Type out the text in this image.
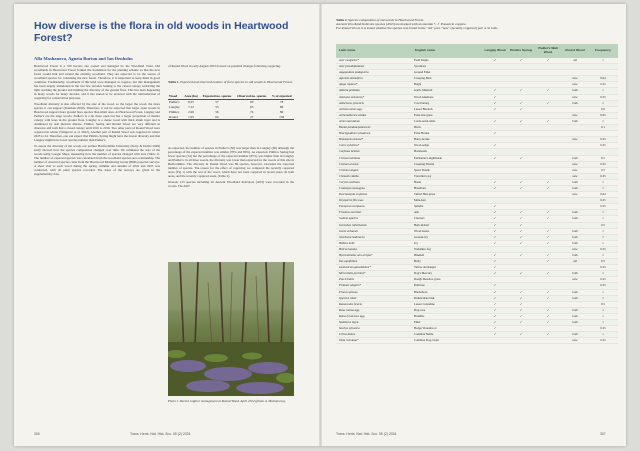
How diverse is the flora in old woods in Heartwood Forest?
Alla Mashanova, Agneta Burton and Ian Denholm

Heartwood Forest is a 350 hectare site owned and managed by the Woodland Trust. Old woodlands in Heartwood Forest formed the foundation for the planting scheme so that the new forest would link and extend the existing woodland. They are expected to be the source of woodland species for colonizing the new forest. Therefore, it is important to keep them in good condition. Traditionally, woodlands of this kind were managed as coppice, but this management has been largely abandoned in the last few decades leading to the closed canopy restricting the light reaching the ground and limiting the diversity of the ground flora. This has been happening in many woods for many decades, and it has started to be reversed with the reintroduction of coppicing for conservation purposes.

Woodland diversity is also affected by the size of the wood, so the larger the wood, the more species it can support (Peterken 2000). Therefore, it can be expected that larger open woods in Heartwood support more ground flora species than small ones. At Heartwood Forest, Langley and Pudler's are the large woods. Pudler's is a bit more open but has a larger proportion of mature canopy with trees in the ground flora. Langley is a dense wood with thick shrub layer and is dominated by Ash dieback disease. Pimlico Spring and Round Wood are very different in character and both had a closed canopy until 2010 to 2016. Two other parts of Round Wood were coppiced in winter (Wingrove et al. 2022). Another part of Round Wood was coppiced in winter 2023 to 24. Therefore, one can expect that Pimlico Spring might have the lowest diversity and that Langley might have lower species number than Pudler's.

To assess the diversity of the woods our partner Hertfordshire University (Terry & Dobbs 2009) study showed how the species composition changed over time. We estimated the area of the woods using Google Maps, measuring how the number of species changed with area (Table 1). The number of expected species was calculated from the woodland species-area relationship. The number of observed species came from the Heartwood Monitoring Group (HMG) species surveys. A short visit to each wood during the spring, summer and autumn of 2022 and 2023 was conducted, with all plant species recorded. The dates of the surveys are given in the supplementary data.

of Round Wood in early August 2023 focused on potential changes following coppicing.

Table 1. Expected and observed number of flora species in old woods in Heartwood Forest.
Wood	Area (ha)	Expected no. species	Observed no. species	% of expected
Pudler's	8.25	57	60	78
Langley	7.12	53	63	86
Pimlico	2.96	56	74	80
Round	1.95	64	27	136

As expected, the number of species in Pudler's (56) was larger than in Langley (60) although the percentage of the expected number was similar (78% and 86%). As expected, Pimlico Spring had fewer species (54) but the percentage of the expected number (85%) was higher than in Langley and Pudler's. In all three woods, the diversity was lower than expected for the woods of this size in Bedfordshire. The diversity in Round Wood was 89 species, however, exceeded the expected number of species. The reason for the effect of coppicing we compared the recently coppiced areas (Fig 1) with the rest of the wood, which have not been coppiced in recent years. In both areas, and the recently coppiced areas, (Table 2).

Overall, 125 species including 26 Ancient Woodland Indicators (AWI) were recorded in the woods. The AWI

Photo 1. Recent coppice management at Round Wood. April 2024 (photo A. Mashanova).
306	Trans. Herts. Nat. Hist. Soc. 55 (2) 2024
Table 2. Species composition of old woods in Heartwood Forest.
Ancient Woodland Indicator species (AWI) are marked with an asterisk *, ✓ Present in coppice.
For Round Wood, it is stated whether the species was found in the "old" part, "new" (recently coppiced) part or in both.
Latin name	English name	Langley Wood	Pimlico Spring	Pudler's Wall Wood	Round Wood	Frequency
Acer campestre*	Field Maple	✓	✓	✓	old	1
Acer pseudoplatanus	Sycamore					
Aegopodium podagraria	Ground Elder					
Agrostis stolonifera	Creeping Bent				new	0.04
Ajuga reptans*	Bugle				new	0.25
Alliaria petiolata	Garlic Mustard	✓	✓	✓	both	1
Anemone nemorosa*	Wood Anemone	✓			new	0.25
Anthriscus sylvestris	Cow Parsley	✓	✓	✓	both	1
Arctium minus agg.	Lesser Burdock	✓	✓			0.6
Arrhenatherum elatius	False Oat-grass				new	0.05
Arum maculatum	Lords-and-Ladies	✓	✓	✓	both	1
Betula pendula/pubescens	Birch					0.1
Brachypodium sylvaticum	False Brome	✓				
Bromopsis ramosa*	Hairy-brome				new	0.25
Carex sylvatica*	Wood-sedge	✓				0.25
Carpinus betulus	Hornbeam					
Circaea lutetiana	Enchanter's-nightshade	✓	✓		both	0.5
Cirsium arvense	Creeping Thistle				new	0.25
Cirsium vulgare	Spear Thistle				new	0.5
Clematis vitalba	Traveller's-joy				new	0.25
Corylus avellana	Hazel	✓	✓	✓	both	1
Crataegus monogyna	Hawthorn	✓	✓	✓	both	1
Deschampsia cespitosa	Tufted Hair-grass				new	0.04
Dryopteris filix-mas	Male-fern					0.25
Euonymus europaeus	Spindle	✓				0.25
Fraxinus excelsior	Ash	✓	✓	✓	both	1
Galium aparine	Cleavers	✓	✓	✓	both	1
Geranium robertianum	Herb-Robert	✓	✓			0.5
Geum urbanum	Wood Avens	✓	✓	✓	both	1
Glechoma hederacea	Ground-ivy	✓	✓	✓	both	1
Hedera helix	Ivy	✓	✓	✓	both	1
Holcus lanatus	Yorkshire-fog				new	0.25
Hyacinthoides non-scripta*	Bluebell	✓	✓	✓	both	1
Ilex aquifolium	Holly	✓		✓	old	0.5
Lamiastrum galeobdolon*	Yellow Archangel	✓				0.25
Mercurialis perennis*	Dog's Mercury	✓	✓	✓	both	1
Poa trivialis	Rough Meadow-grass				new	0.25
Primula vulgaris*	Primrose	✓				0.25
Prunus spinosa	Blackthorn	✓	✓	✓	both	1
Quercus robur	Pedunculate Oak	✓	✓	✓	both	1
Ranunculus ficaria	Lesser Celandine	✓	✓			0.5
Rosa canina agg.	Dog-rose	✓	✓	✓	both	1
Rubus fruticosus agg.	Bramble	✓	✓	✓	both	1
Sambucus nigra	Elder	✓	✓	✓	both	1
Stachys sylvatica	Hedge Woundwort	✓				0.25
Urtica dioica	Common Nettle	✓	✓	✓	both	1
Viola riviniana*	Common Dog-violet				new	0.25
Trans. Herts. Nat. Hist. Soc. 55 (2) 2024	307
